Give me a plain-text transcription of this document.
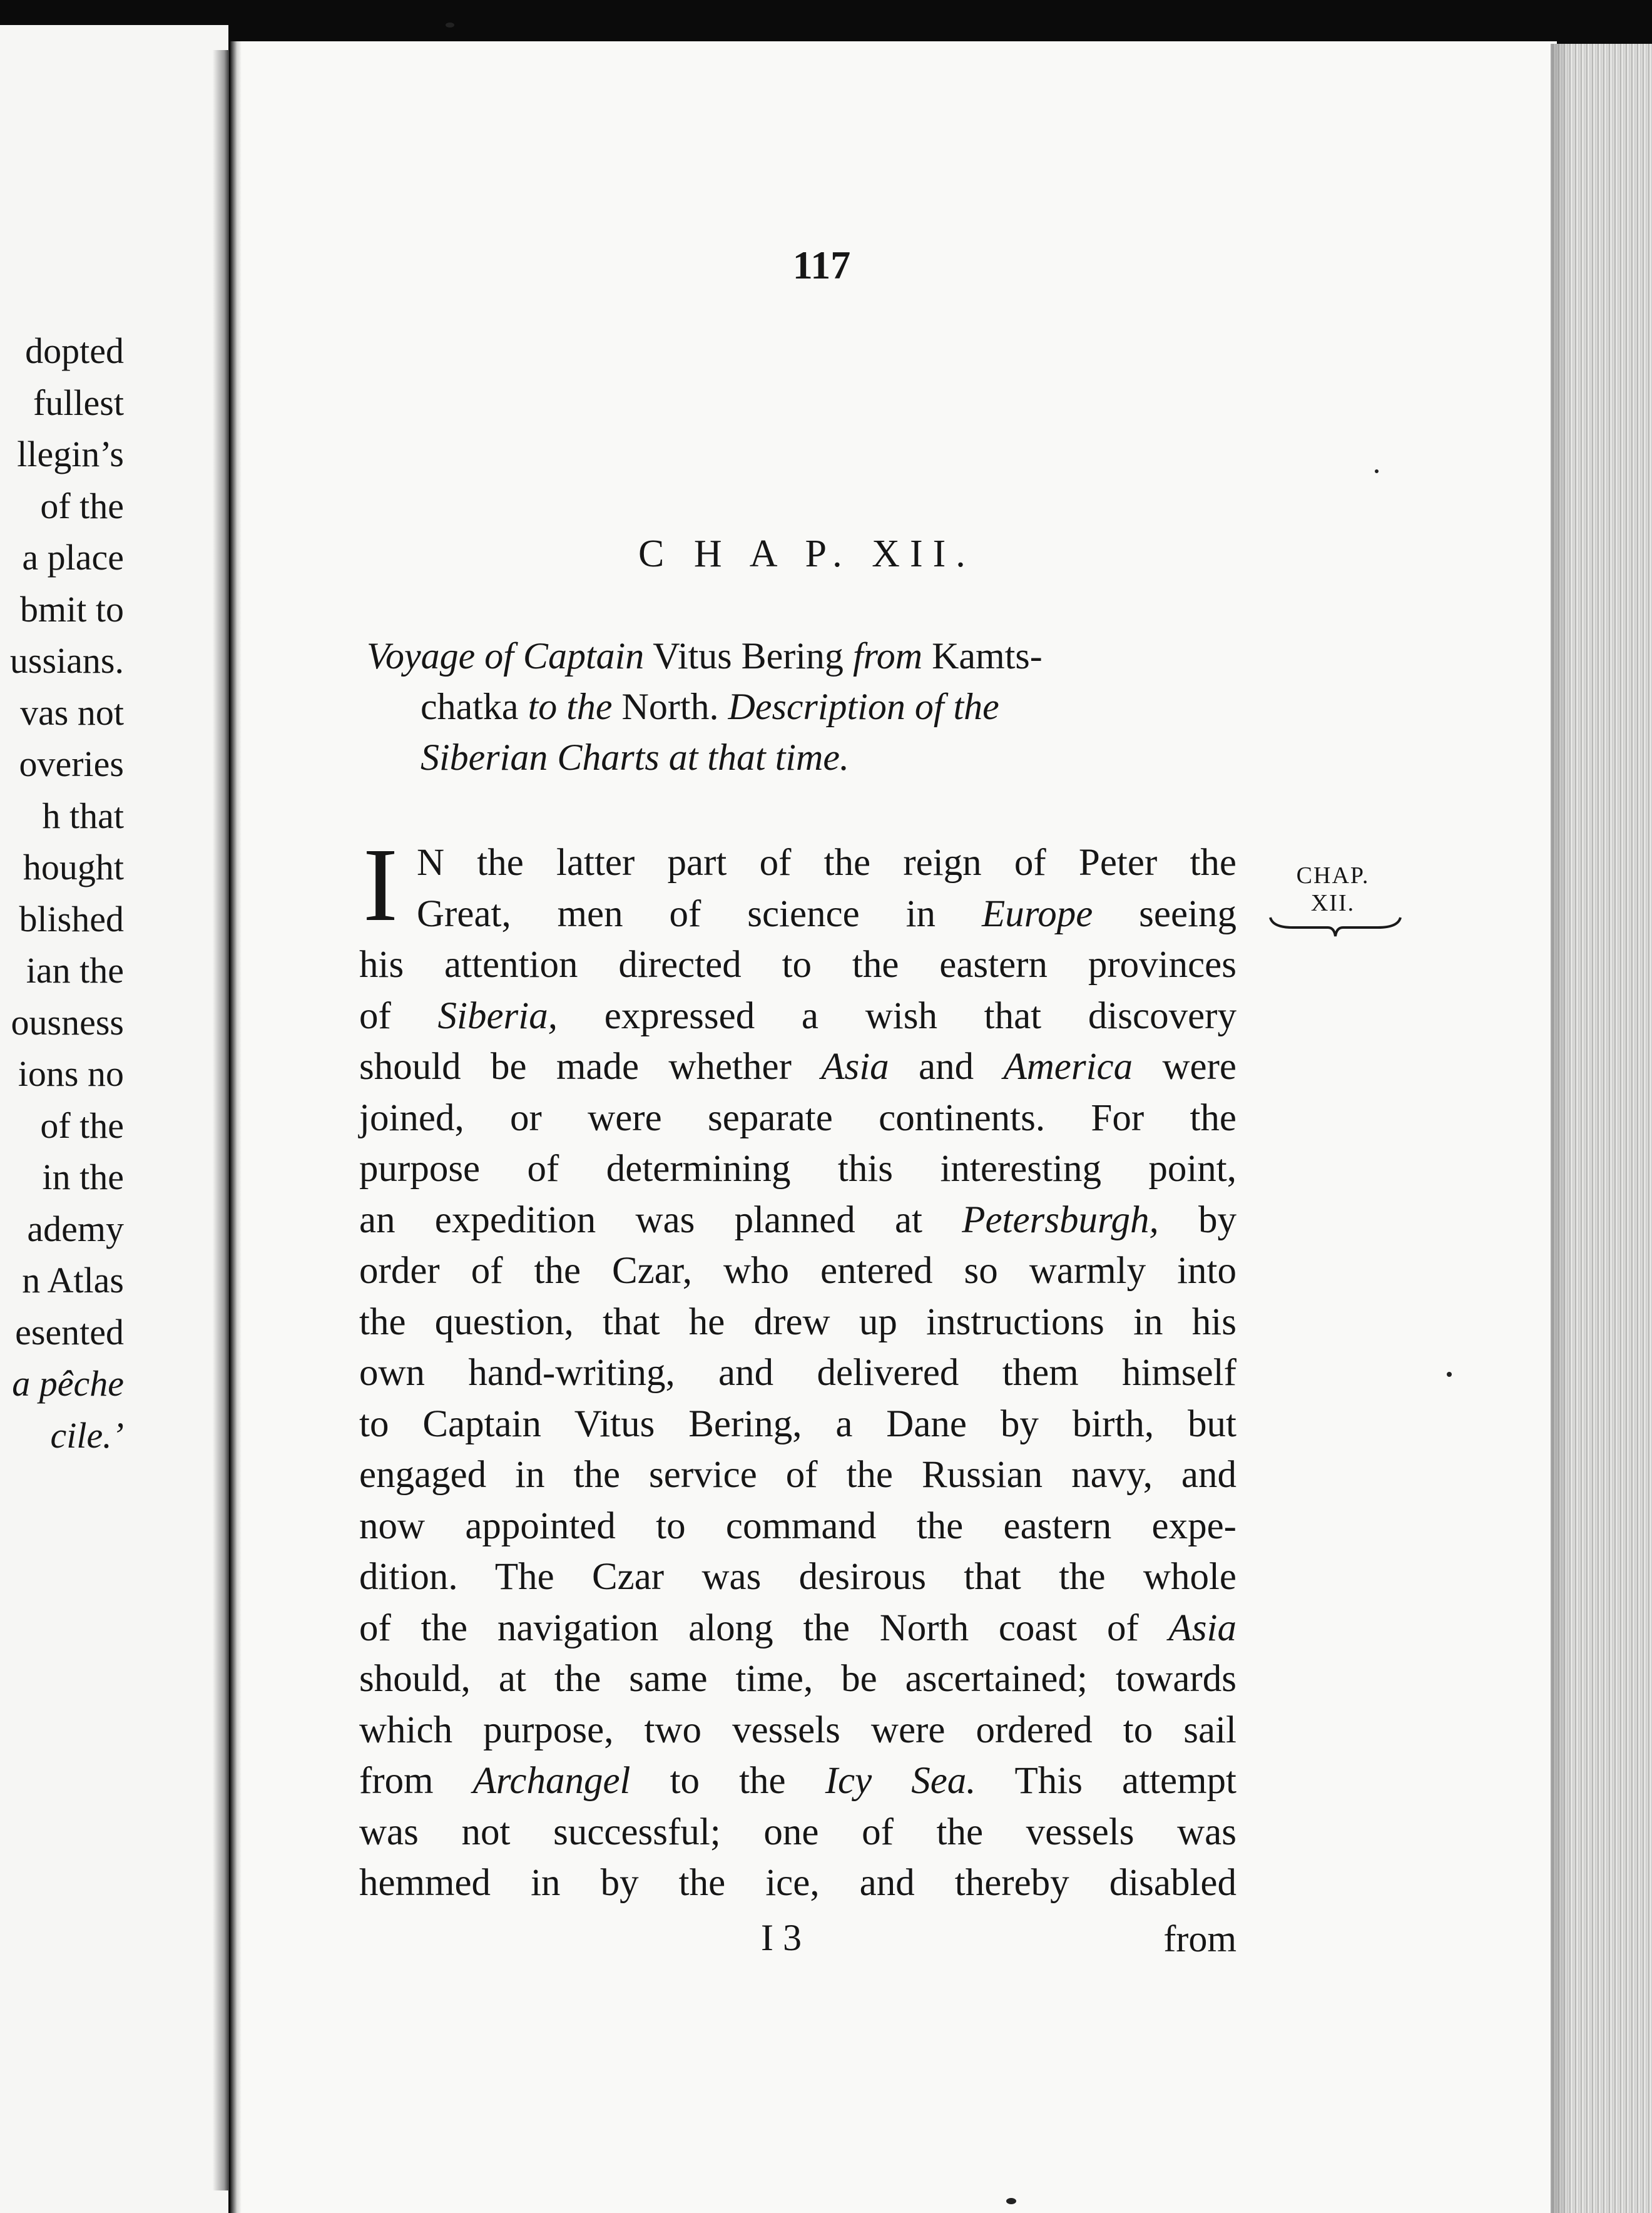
dopted
fullest
llegin’s
of the
a place
bmit to
ussians.
vas not
overies
h that
hought
blished
ian the
ousness
ions no
of the
in the
ademy
n Atlas
esented
a pêche
cile.’
117
C H A P. XII.
Voyage of Captain Vitus Bering from Kamts-
chatka to the North. Description of the
Siberian Charts at that time.
I N the latter part of the reign of Peter the
Great, men of science in Europe seeing
his attention directed to the eastern provinces
of Siberia, expressed a wish that discovery
should be made whether Asia and America were
joined, or were separate continents. For the
purpose of determining this interesting point,
an expedition was planned at Petersburgh, by
order of the Czar, who entered so warmly into
the question, that he drew up instructions in his
own hand-writing, and delivered them himself
to Captain Vitus Bering, a Dane by birth, but
engaged in the service of the Russian navy, and
now appointed to command the eastern expe-
dition. The Czar was desirous that the whole
of the navigation along the North coast of Asia
should, at the same time, be ascertained; towards
which purpose, two vessels were ordered to sail
from Archangel to the Icy Sea. This attempt
was not successful; one of the vessels was
hemmed in by the ice, and thereby disabled
CHAP.
XII.
I 3	from
